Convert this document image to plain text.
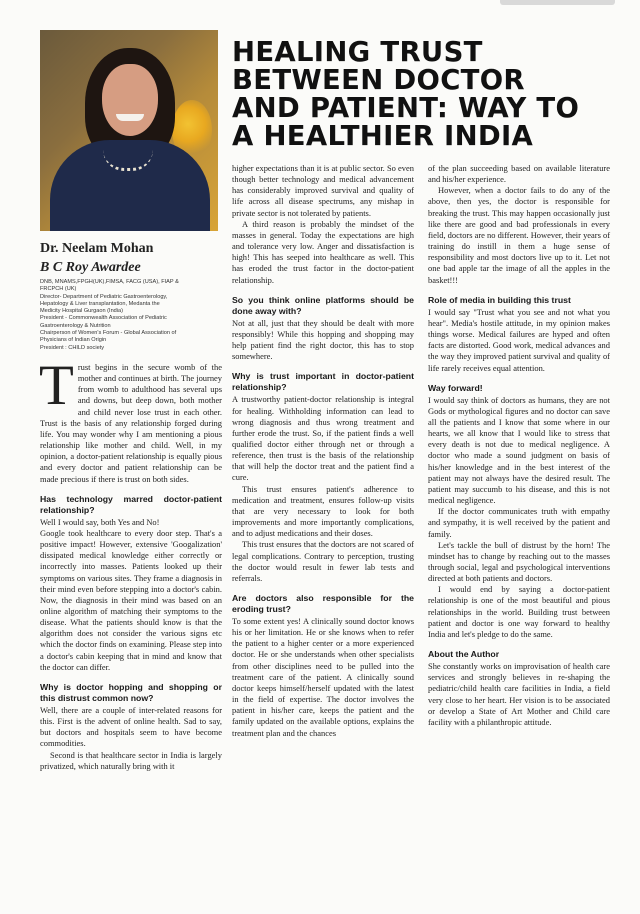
HEALING TRUST
BETWEEN DOCTOR
AND PATIENT: WAY TO
A HEALTHIER INDIA

Dr. Neelam Mohan

B C Roy Awardee

DNB, MNAMS,FPGH(UK),FIMSA, FACG (USA), FIAP &
FRCPCH (UK)
Director- Department of Pediatric Gastroenterology,
Hepatology & Liver transplantation, Medanta the
Medicity Hospital Gurgaon (India)
President - Commonwealth Association of Pediatric
Gastroenterology & Nutrition
Chairperson of Women's Forum - Global Association of
Physicians of Indian Origin
President : CHILD society

Trust begins in the secure womb of the mother and continues at birth. The journey from womb to adulthood has several ups and downs, but deep down, both mother and child never lose trust in each other. Trust is the basis of any relationship forged during life. You may wonder why I am mentioning a pious relationship like mother and child. Well, in my opinion, a doctor-patient relationship is equally pious and every doctor and patient relationship can be made precious if there is trust on both sides.

Has technology marred doctor-patient relationship?

Well I would say, both Yes and No!

Google took healthcare to every door step. That's a positive impact! However, extensive 'Googalization' dissipated medical knowledge either correctly or incorrectly into masses. Patients looked up their symptoms on various sites. They frame a diagnosis in their mind even before stepping into a doctor's cabin. Now, the diagnosis in their mind was based on an online algorithm of matching their symptoms to the disease. What the patients should know is that the algorithm does not consider the various signs etc which the doctor finds on examining. Please step into a doctor's cabin keeping that in mind and know that the doctor can differ.

Why is doctor hopping and shopping or this distrust common now?

Well, there are a couple of inter-related reasons for this. First is the advent of online health. Sad to say, but doctors and hospitals seem to have become commodities.

Second is that healthcare sector in India is largely privatized, which naturally bring with it

higher expectations than it is at public sector. So even though better technology and medical advancement has considerably improved survival and quality of life across all disease spectrums, any mishap in private sector is not tolerated by patients.

A third reason is probably the mindset of the masses in general. Today the expectations are high and tolerance very low. Anger and dissatisfaction is high! This has seeped into healthcare as well. This has eroded the trust factor in the doctor-patient relationship.

So you think online platforms should be done away with?

Not at all, just that they should be dealt with more responsibly! While this hopping and shopping may help patient find the right doctor, this has to stop somewhere.

Why is trust important in doctor-patient relationship?

A trustworthy patient-doctor relationship is integral for healing. Withholding information can lead to wrong diagnosis and thus wrong treatment and further erode the trust. So, if the patient finds a well qualified doctor either through net or through a reference, then trust is the basis of the relationship that will help the doctor treat and the patient find a cure.

This trust ensures patient's adherence to medication and treatment, ensures follow-up visits that are very necessary to look for both improvements and more importantly complications, and to adjust medications and their doses.

This trust ensures that the doctors are not scared of legal complications. Contrary to perception, trusting the doctor would result in fewer lab tests and referrals.

Are doctors also responsible for the eroding trust?

To some extent yes! A clinically sound doctor knows his or her limitation. He or she knows when to refer the patient to a higher center or a more experienced doctor. He or she understands when other specialists from other disciplines need to be pulled into the treatment care of the patient. A clinically sound doctor keeps himself/herself updated with the latest in the field of expertise. The doctor involves the patient in his/her care, keeps the patient and the family updated on the available options, explains the treatment plan and the chances

of the plan succeeding based on available literature and his/her experience.

However, when a doctor fails to do any of the above, then yes, the doctor is responsible for breaking the trust. This may happen occasionally just like there are good and bad professionals in every field, doctors are no different. However, their years of training do instill in them a huge sense of responsibility and most doctors live up to it. Let not one bad apple tar the image of all the apples in the basket!!!

Role of media in building this trust

I would say "Trust what you see and not what you hear". Media's hostile attitude, in my opinion makes things worse. Medical failures are hyped and often facts are distorted. Good work, medical advances and the way they improved patient survival and quality of life rarely receives equal attention.

Way forward!

I would say think of doctors as humans, they are not Gods or mythological figures and no doctor can save all the patients and I know that some where in our hearts, we all know that I would like to stress that every death is not due to medical negligence. A doctor who made a sound judgment on basis of his/her knowledge and in the best interest of the patient may not always have the desired result. The patient may succumb to his disease, and this is not medical negligence.

If the doctor communicates truth with empathy and sympathy, it is well received by the patient and family.

Let's tackle the bull of distrust by the horn! The mindset has to change by reaching out to the masses through social, legal and psychological interventions directed at both patients and doctors.

I would end by saying a doctor-patient relationship is one of the most beautiful and pious relationships in the world. Building trust between patient and doctor is one way forward to healthy India and let's pledge to do the same.

About the Author

She constantly works on improvisation of health care services and strongly believes in re-shaping the pediatric/child health care facilities in India, a field very close to her heart. Her vision is to be associated or develop a State of Art Mother and Child care facility with a philanthropic attitude.
